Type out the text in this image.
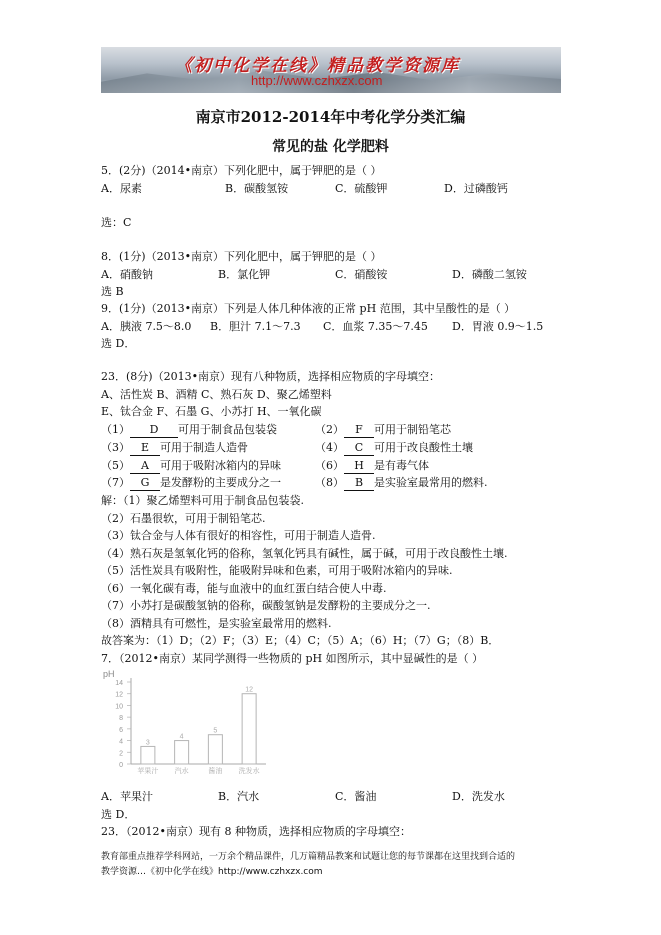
《初中化学在线》精品教学资源库
http://www.czhxzx.com
南京市2012-2014年中考化学分类汇编
常见的盐 化学肥料
5．(2分)（2014•南京）下列化肥中，属于钾肥的是（ ）
A．尿素	B．碳酸氢铵	C．硫酸钾	D．过磷酸钙
选：C
8．(1分)（2013•南京）下列化肥中，属于钾肥的是（ ）
A．硝酸钠	B．氯化钾	C．硝酸铵	D．磷酸二氢铵
选 B
9．(1分)（2013•南京）下列是人体几种体液的正常 pH 范围，其中呈酸性的是（ ）
A．胰液 7.5～8.0 B．胆汁 7.1～7.3 C．血浆 7.35～7.45 D．胃液 0.9～1.5
选 D．
23．(8分)（2013•南京）现有八种物质，选择相应物质的字母填空：
A、活性炭 B、酒精 C、熟石灰 D、聚乙烯塑料
E、钛合金 F、石墨 G、小苏打 H、一氧化碳
（1） D 可用于制食品包装袋	（2） F 可用于制铅笔芯
（3） E 可用于制造人造骨	（4） C 可用于改良酸性土壤
（5） A 可用于吸附冰箱内的异味	（6） H 是有毒气体
（7） G 是发酵粉的主要成分之一	（8） B 是实验室最常用的燃料.
解：（1）聚乙烯塑料可用于制食品包装袋.
（2）石墨很软，可用于制铅笔芯.
（3）钛合金与人体有很好的相容性，可用于制造人造骨.
（4）熟石灰是氢氧化钙的俗称，氢氧化钙具有碱性，属于碱，可用于改良酸性土壤.
（5）活性炭具有吸附性，能吸附异味和色素，可用于吸附冰箱内的异味.
（6）一氧化碳有毒，能与血液中的血红蛋白结合使人中毒.
（7）小苏打是碳酸氢钠的俗称，碳酸氢钠是发酵粉的主要成分之一.
（8）酒精具有可燃性，是实验室最常用的燃料.
故答案为：（1）D；（2）F；（3）E；（4）C；（5）A；（6）H；（7）G；（8）B．
7．（2012•南京）某同学测得一些物质的 pH 如图所示，其中显碱性的是（ ）
pH
14
12
10
8
6
4
2
0
3
苹果汁
4
汽水
5
酱油
12
洗发水
A．苹果汁	B．汽水	C．酱油	D．洗发水
选 D．
23．（2012•南京）现有 8 种物质，选择相应物质的字母填空：
教育部重点推荐学科网站，一万余个精品课件，几万篇精品教案和试题让您的每节课都在这里找到合适的
教学资源…《初中化学在线》http://www.czhxzx.com
